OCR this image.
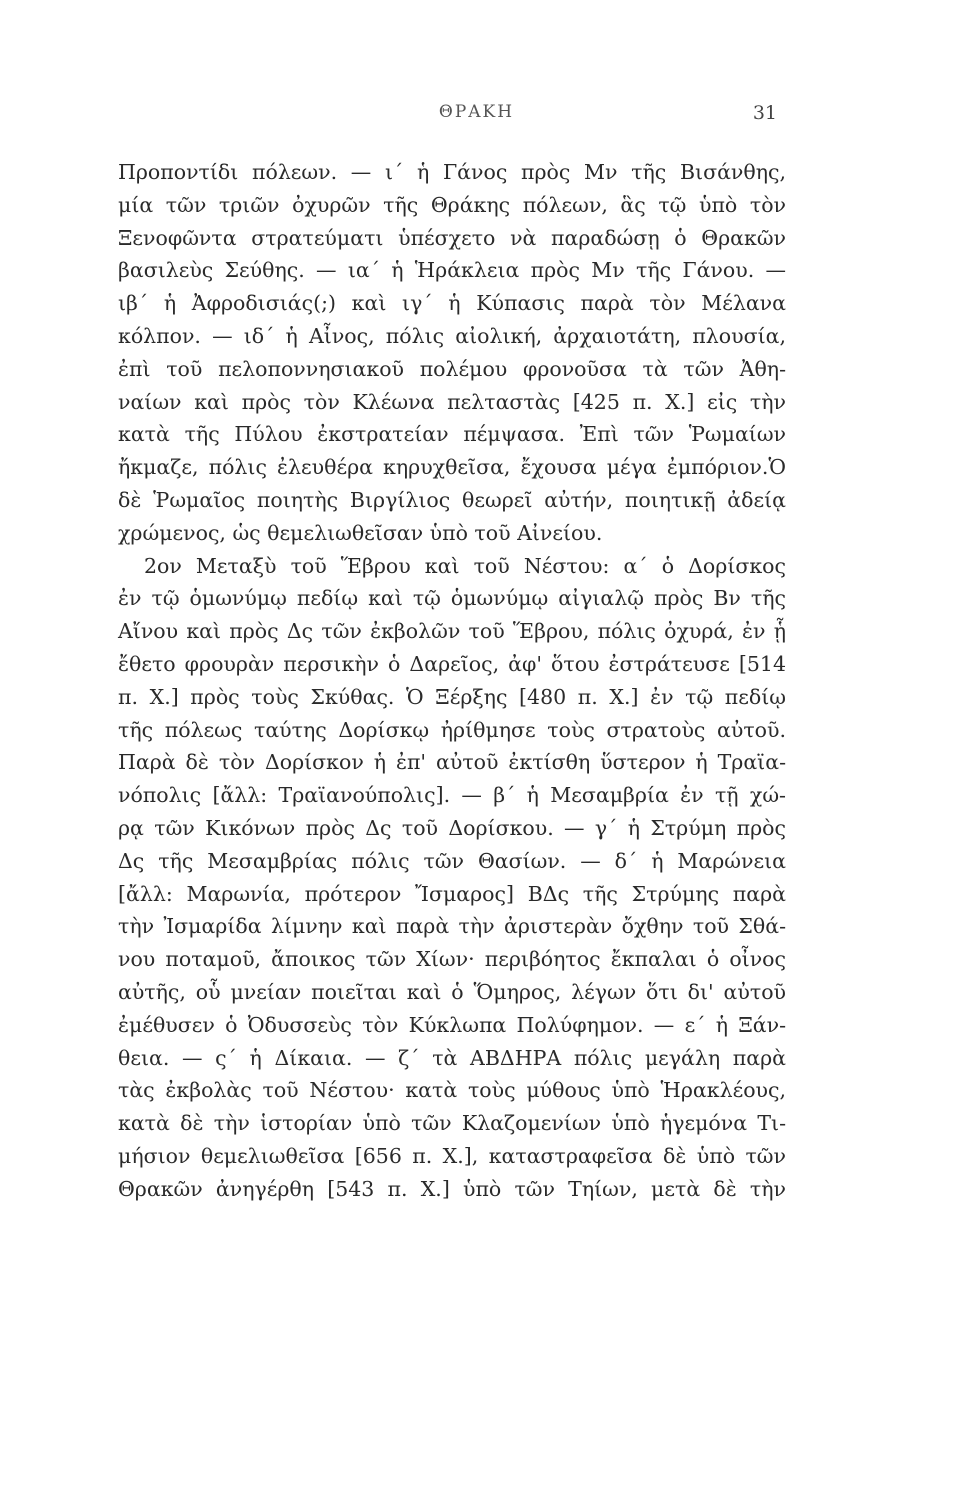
ΘΡΑΚΗ	31
Προποντίδι πόλεων. — ι΄ ἡ Γάνος πρὸς Μν τῆς Βισάνθης,
μία τῶν τριῶν ὀχυρῶν τῆς Θράκης πόλεων, ἃς τῷ ὑπὸ τὸν
Ξενοφῶντα στρατεύματι ὑπέσχετο νὰ παραδώσῃ ὁ Θρακῶν
βασιλεὺς Σεύθης. — ια΄ ἡ Ἡράκλεια πρὸς Μν τῆς Γάνου. —
ιβ΄ ἡ Ἀφροδισιάς(;) καὶ ιγ΄ ἡ Κύπασις παρὰ τὸν Μέλανα
κόλπον. — ιδ΄ ἡ Αἶνος, πόλις αἰολική, ἀρχαιοτάτη, πλουσία,
ἐπὶ τοῦ πελοποννησιακοῦ πολέμου φρονοῦσα τὰ τῶν Ἀθη-
ναίων καὶ πρὸς τὸν Κλέωνα πελταστὰς [425 π. Χ.] εἰς τὴν
κατὰ τῆς Πύλου ἐκστρατείαν πέμψασα. Ἐπὶ τῶν Ῥωμαίων
ἤκμαζε, πόλις ἐλευθέρα κηρυχθεῖσα, ἔχουσα μέγα ἐμπόριον.Ὁ
δὲ Ῥωμαῖος ποιητὴς Βιργίλιος θεωρεῖ αὐτήν, ποιητικῇ ἀδείᾳ
χρώμενος, ὡς θεμελιωθεῖσαν ὑπὸ τοῦ Αἰνείου.
2ον Μεταξὺ τοῦ Ἕβρου καὶ τοῦ Νέστου: α΄ ὁ Δορίσκος
ἐν τῷ ὁμωνύμῳ πεδίῳ καὶ τῷ ὁμωνύμῳ αἰγιαλῷ πρὸς Βν τῆς
Αἴνου καὶ πρὸς Δς τῶν ἐκβολῶν τοῦ Ἕβρου, πόλις ὀχυρά, ἐν ᾗ
ἔθετο φρουρὰν περσικὴν ὁ Δαρεῖος, ἀφ' ὅτου ἐστράτευσε [514
π. Χ.] πρὸς τοὺς Σκύθας. Ὁ Ξέρξης [480 π. Χ.] ἐν τῷ πεδίῳ
τῆς πόλεως ταύτης Δορίσκῳ ἠρίθμησε τοὺς στρατοὺς αὐτοῦ.
Παρὰ δὲ τὸν Δορίσκον ἡ ἐπ' αὐτοῦ ἐκτίσθη ὕστερον ἡ Τραϊα-
νόπολις [ἄλλ: Τραϊανούπολις]. — β΄ ἡ Μεσαμβρία ἐν τῇ χώ-
ρᾳ τῶν Κικόνων πρὸς Δς τοῦ Δορίσκου. — γ΄ ἡ Στρύμη πρὸς
Δς τῆς Μεσαμβρίας πόλις τῶν Θασίων. — δ΄ ἡ Μαρώνεια
[ἄλλ: Μαρωνία, πρότερον Ἴσμαρος] ΒΔς τῆς Στρύμης παρὰ
τὴν Ἰσμαρίδα λίμνην καὶ παρὰ τὴν ἀριστερὰν ὄχθην τοῦ Σθά-
νου ποταμοῦ, ἄποικος τῶν Χίων· περιβόητος ἔκπαλαι ὁ οἶνος
αὐτῆς, οὗ μνείαν ποιεῖται καὶ ὁ Ὅμηρος, λέγων ὅτι δι' αὐτοῦ
ἐμέθυσεν ὁ Ὀδυσσεὺς τὸν Κύκλωπα Πολύφημον. — ε΄ ἡ Ξάν-
θεια. — ς΄ ἡ Δίκαια. — ζ΄ τὰ ΑΒΔΗΡΑ πόλις μεγάλη παρὰ
τὰς ἐκβολὰς τοῦ Νέστου· κατὰ τοὺς μύθους ὑπὸ Ἡρακλέους,
κατὰ δὲ τὴν ἱστορίαν ὑπὸ τῶν Κλαζομενίων ὑπὸ ἡγεμόνα Τι-
μήσιον θεμελιωθεῖσα [656 π. Χ.], καταστραφεῖσα δὲ ὑπὸ τῶν
Θρακῶν ἀνηγέρθη [543 π. Χ.] ὑπὸ τῶν Τηίων, μετὰ δὲ τὴν
